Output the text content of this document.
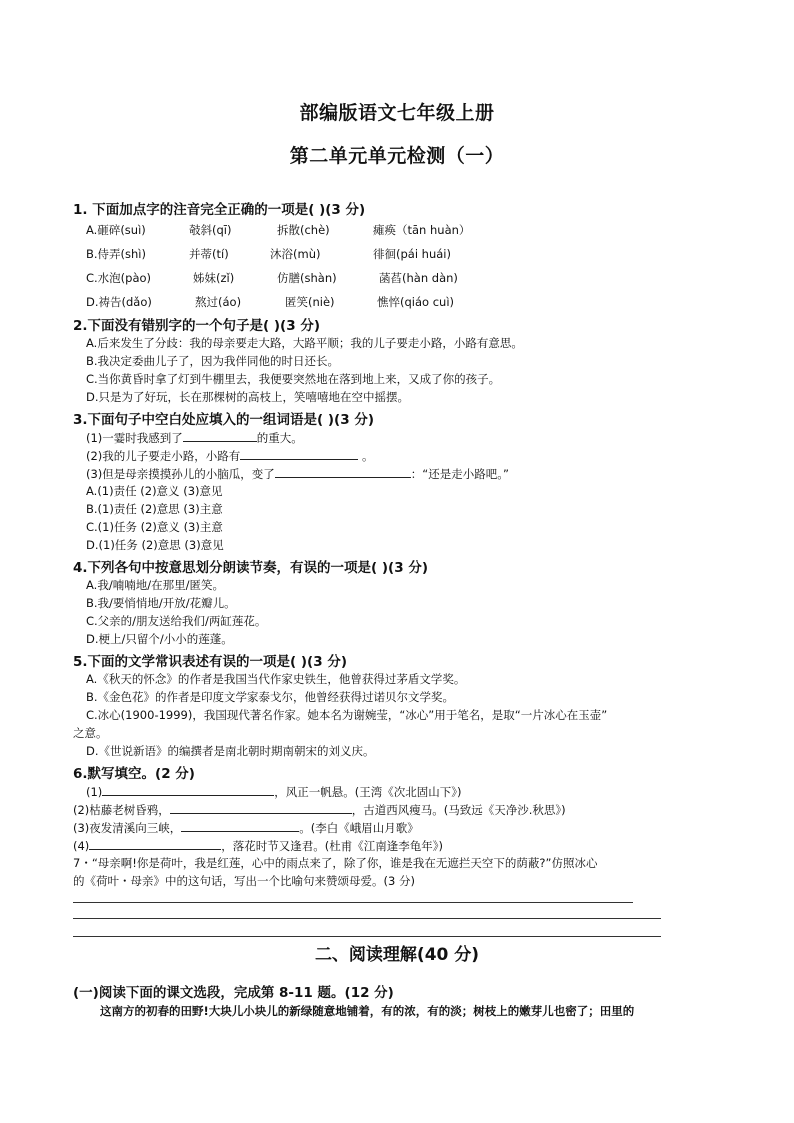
部编版语文七年级上册
第二单元单元检测（一）
1. 下面加点字的注音完全正确的一项是( )(3 分)
A.砸碎(suì)	攲斜(qī)	拆散(chè)	瘫痪（tān huàn）
B.侍弄(shì)	并蒂(tí)	沐浴(mù)	徘徊(pái huái)
C.水泡(pào)	姊妹(zǐ)	仿膳(shàn)	菡萏(hàn dàn)
D.祷告(dǎo)	熬过(áo)	匿笑(niè)	憔悴(qiáo cuì)
2.下面没有错别字的一个句子是( )(3 分)
A.后来发生了分歧：我的母亲要走大路，大路平顺；我的儿子要走小路，小路有意思。
B.我决定委曲儿子了，因为我伴同他的时日还长。
C.当你黄昏时拿了灯到牛棚里去，我便要突然地在落到地上来，又成了你的孩子。
D.只是为了好玩，长在那棵树的高枝上，笑嘻嘻地在空中摇摆。
3.下面句子中空白处应填入的一组词语是( )(3 分)
(1)一霎时我感到了	的重大。
(2)我的儿子要走小路，小路有	。
(3)但是母亲摸摸孙儿的小脑瓜，变了	：“还是走小路吧。”
A.(1)责任 (2)意义 (3)意见
B.(1)责任 (2)意思 (3)主意
C.(1)任务 (2)意义 (3)主意
D.(1)任务 (2)意思 (3)意见
4.下列各句中按意思划分朗读节奏，有误的一项是( )(3 分)
A.我/喃喃地/在那里/匿笑。
B.我/要悄悄地/开放/花瓣儿。
C.父亲的/朋友送给我们/两缸莲花。
D.梗上/只留个/小小的莲蓬。
5.下面的文学常识表述有误的一项是( )(3 分)
A.《秋天的怀念》的作者是我国当代作家史铁生，他曾获得过茅盾文学奖。
B.《金色花》的作者是印度文学家泰戈尔，他曾经获得过诺贝尔文学奖。
C.冰心(1900-1999)，我国现代著名作家。她本名为谢婉莹，“冰心”用于笔名，是取“一片冰心在玉壶”
之意。
D.《世说新语》的编撰者是南北朝时期南朝宋的刘义庆。
6.默写填空。(2 分)
(1)	，风正一帆悬。(王湾《次北固山下》)
(2)枯藤老树昏鸦，	，古道西风瘦马。(马致远《天净沙.秋思》)
(3)夜发清溪向三峡，	。(李白《峨眉山月歌》
(4)	，落花时节又逢君。(杜甫《江南逢李龟年》)
7・“母亲啊!你是荷叶，我是红莲，心中的雨点来了，除了你，谁是我在无遮拦天空下的荫蔽?”仿照冰心
的《荷叶・母亲》中的这句话，写出一个比喻句来赞颂母爱。(3 分)
二、阅读理解(40 分)
(一)阅读下面的课文选段，完成第 8-11 题。(12 分)
这南方的初春的田野!大块儿小块儿的新绿随意地铺着，有的浓，有的淡；树枝上的嫩芽儿也密了；田里的
